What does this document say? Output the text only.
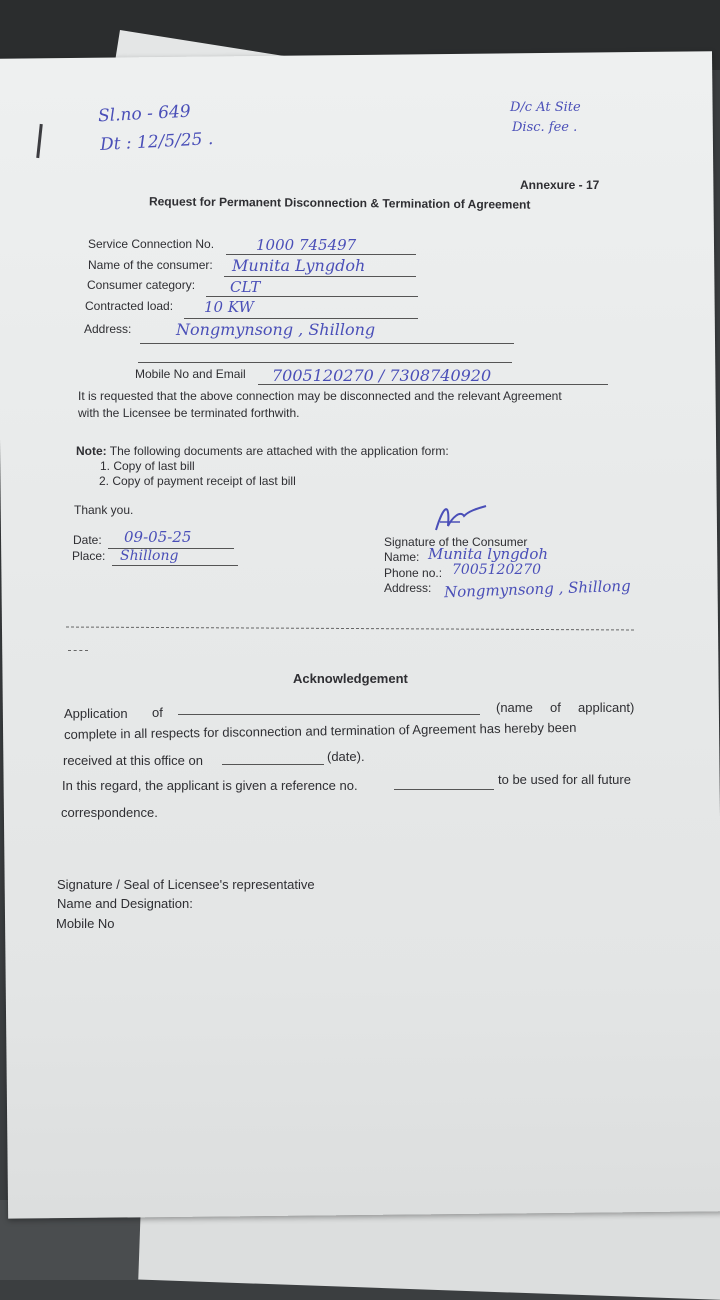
Sl.no - 649
Dt : 12/5/25 .
D/c At Site
Disc. fee .
Annexure - 17
Request for Permanent Disconnection & Termination of Agreement
Service Connection No.	1000 745497
Name of the consumer: Munita Lyngdoh
Consumer category: CLT
Contracted load: 10 KW
Address:	Nongmynsong , Shillong
Mobile No and Email 7005120270 / 7308740920
It is requested that the above connection may be disconnected and the relevant Agreement
with the Licensee be terminated forthwith.
Note: The following documents are attached with the application form:
1. Copy of last bill
2. Copy of payment receipt of last bill
Thank you.
Date: 09-05-25
Place: Shillong
Signature of the Consumer
Name: Munita lyngdoh
Phone no.: 7005120270
Address: Nongmynsong , Shillong
Acknowledgement
Application of	(name of applicant)
complete in all respects for disconnection and termination of Agreement has hereby been
received at this office on	(date).
In this regard, the applicant is given a reference no.	to be used for all future
correspondence.
Signature / Seal of Licensee's representative
Name and Designation:
Mobile No
